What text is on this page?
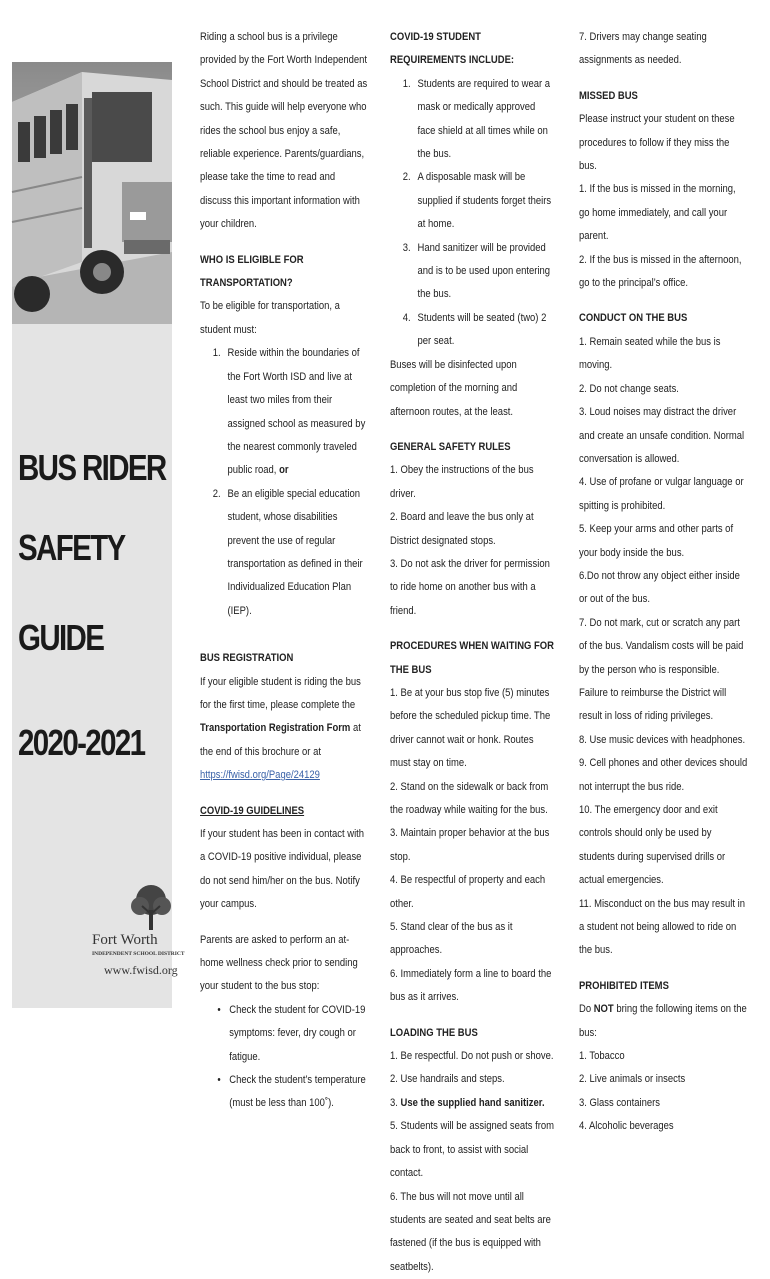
BUS RIDER
SAFETY
GUIDE
2020-2021
Fort Worth
INDEPENDENT SCHOOL DISTRICT
www.fwisd.org

Riding a school bus is a privilege provided by the Fort Worth Independent School District and should be treated as such. This guide will help everyone who rides the school bus enjoy a safe, reliable experience. Parents/guardians, please take the time to read and discuss this important information with your children.

WHO IS ELIGIBLE FOR TRANSPORTATION?

To be eligible for transportation, a student must:

1. Reside within the boundaries of the Fort Worth ISD and live at least two miles from their assigned school as measured by the nearest commonly traveled public road, or
2. Be an eligible special education student, whose disabilities prevent the use of regular transportation as defined in their Individualized Education Plan (IEP).

BUS REGISTRATION

If your eligible student is riding the bus for the first time, please complete the Transportation Registration Form at the end of this brochure or at https://fwisd.org/Page/24129

COVID-19 GUIDELINES

If your student has been in contact with a COVID-19 positive individual, please do not send him/her on the bus. Notify your campus.

Parents are asked to perform an at-home wellness check prior to sending your student to the bus stop:

• Check the student for COVID-19 symptoms: fever, dry cough or fatigue.
• Check the student’s temperature (must be less than 100˚).

COVID-19 STUDENT REQUIREMENTS INCLUDE:

1. Students are required to wear a mask or medically approved face shield at all times while on the bus.
2. A disposable mask will be supplied if students forget theirs at home.
3. Hand sanitizer will be provided and is to be used upon entering the bus.
4. Students will be seated (two) 2 per seat.

Buses will be disinfected upon completion of the morning and afternoon routes, at the least.

GENERAL SAFETY RULES

1. Obey the instructions of the bus driver.

2. Board and leave the bus only at District designated stops.

3. Do not ask the driver for permission to ride home on another bus with a friend.

PROCEDURES WHEN WAITING FOR THE BUS

1. Be at your bus stop five (5) minutes before the scheduled pickup time. The driver cannot wait or honk. Routes must stay on time.

2. Stand on the sidewalk or back from the roadway while waiting for the bus.

3. Maintain proper behavior at the bus stop.

4. Be respectful of property and each other.

5. Stand clear of the bus as it approaches.

6. Immediately form a line to board the bus as it arrives.

LOADING THE BUS

1. Be respectful. Do not push or shove.

2. Use handrails and steps.

3. Use the supplied hand sanitizer.

5. Students will be assigned seats from back to front, to assist with social contact.

6. The bus will not move until all students are seated and seat belts are fastened (if the bus is equipped with seatbelts).

7. Drivers may change seating assignments as needed.

MISSED BUS

Please instruct your student on these procedures to follow if they miss the bus.

1. If the bus is missed in the morning, go home immediately, and call your parent.

2. If the bus is missed in the afternoon, go to the principal’s office.

CONDUCT ON THE BUS

1. Remain seated while the bus is moving.

2. Do not change seats.

3. Loud noises may distract the driver and create an unsafe condition. Normal conversation is allowed.

4. Use of profane or vulgar language or spitting is prohibited.

5. Keep your arms and other parts of your body inside the bus.

6.Do not throw any object either inside or out of the bus.

7. Do not mark, cut or scratch any part of the bus. Vandalism costs will be paid by the person who is responsible. Failure to reimburse the District will result in loss of riding privileges.

8. Use music devices with headphones.

9. Cell phones and other devices should not interrupt the bus ride.

10. The emergency door and exit controls should only be used by students during supervised drills or actual emergencies.

11. Misconduct on the bus may result in a student not being allowed to ride on the bus.

PROHIBITED ITEMS

Do NOT bring the following items on the bus:

1. Tobacco

2. Live animals or insects

3. Glass containers

4. Alcoholic beverages
